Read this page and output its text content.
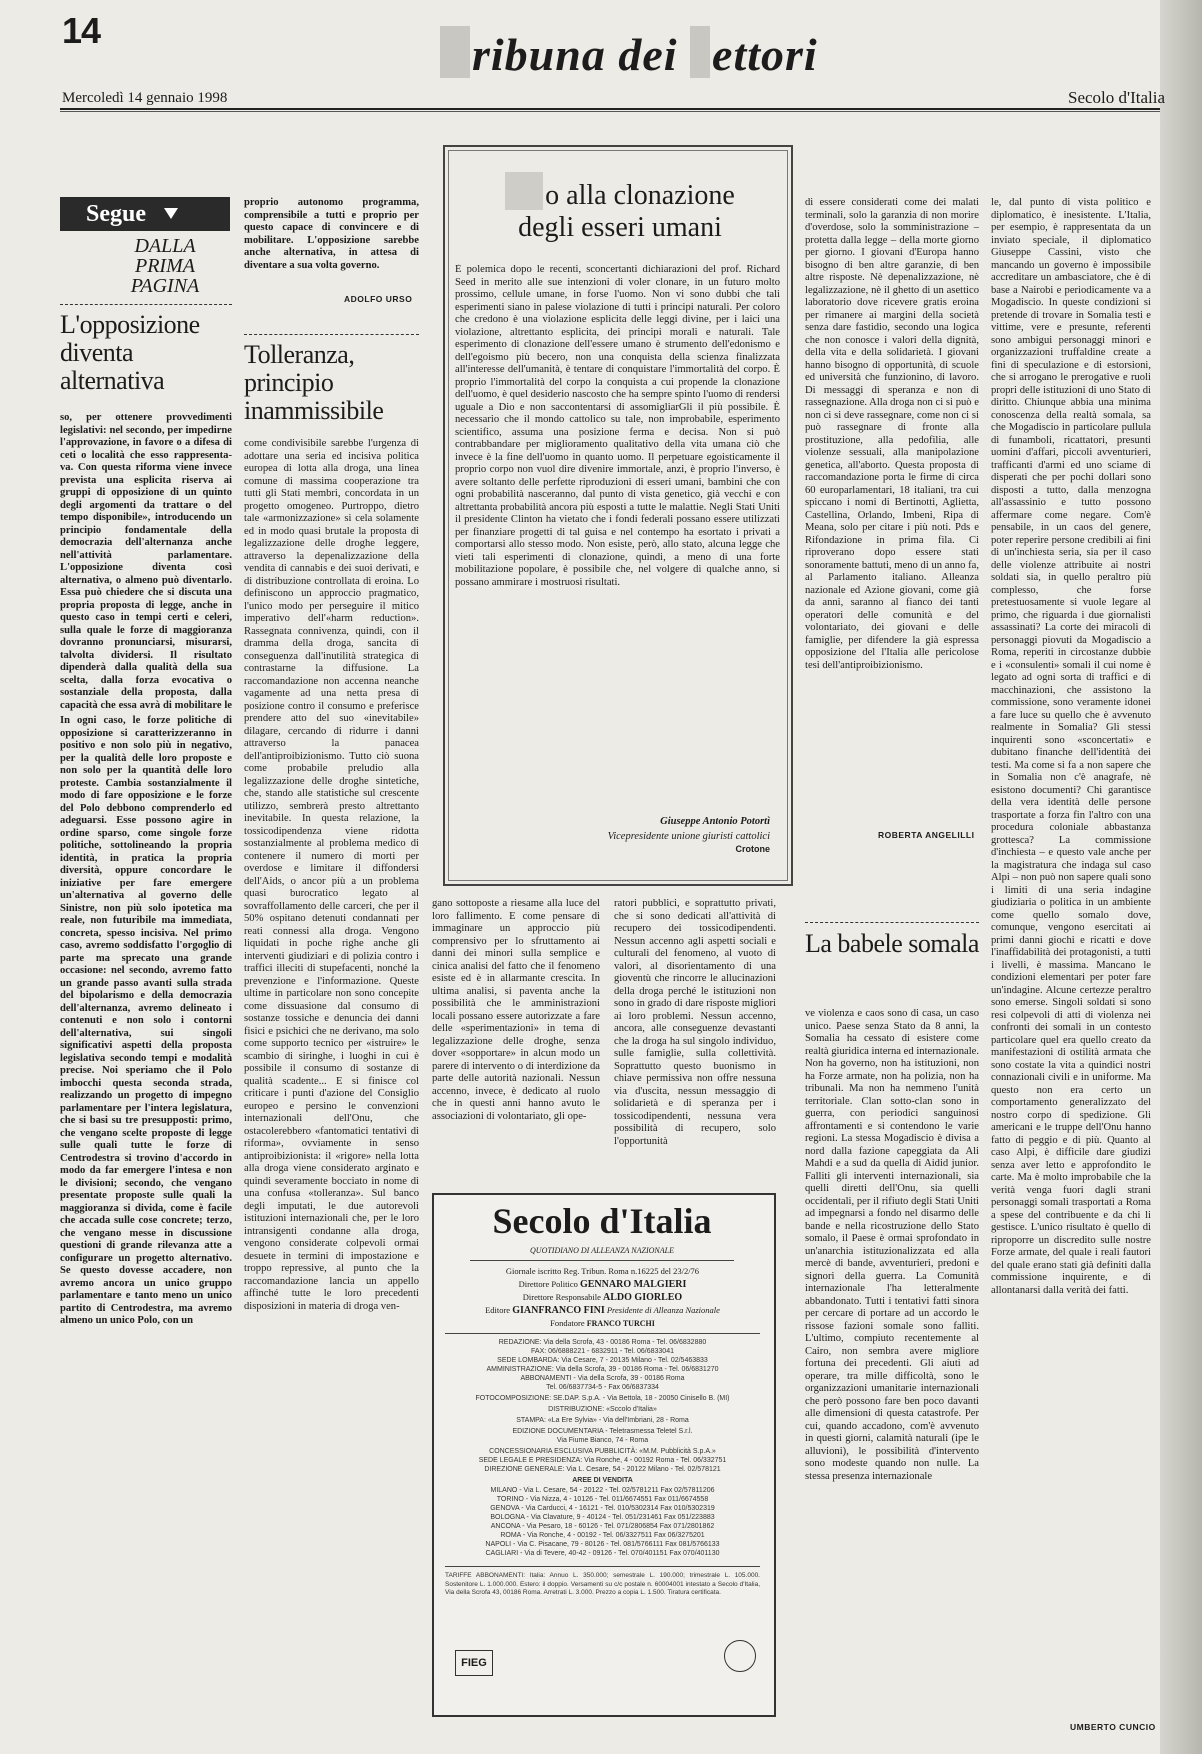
14	ribuna dei ettori
Mercoledì 14 gennaio 1998	Secolo d'Italia
Segue
DALLA
PRIMA
PAGINA
L'opposizione diventa alternativa
so, per ottenere provvedimenti legislativi: nel secondo, per impedirne l'approvazione, in favore o a difesa di ceti o località che esso rappresenta- va. Con questa riforma viene invece prevista una esplicita riserva ai gruppi di opposizione di un quinto degli argomenti da trattare o del tempo disponibile», introducendo un principio fondamentale della democrazia dell'alternanza anche nell'attività parlamentare. L'opposizione diventa così alternativa, o almeno può diventarlo. Essa può chiedere che si discuta una propria proposta di legge, anche in questo caso in tempi certi e celeri, sulla quale le forze di maggioranza dovranno pronunciarsi, misurarsi, talvolta dividersi. Il risultato dipenderà dalla qualità della sua scelta, dalla forza evocativa o sostanziale della proposta, dalla capacità che essa avrà di mobilitare le
In ogni caso, le forze politiche di opposizione si caratterizzeranno in positivo e non solo più in negativo, per la qualità delle loro proposte e non solo per la quantità delle loro proteste. Cambia sostanzialmente il modo di fare opposizione e le forze del Polo debbono comprenderlo ed adeguarsi. Esse possono agire in ordine sparso, come singole forze politiche, sottolineando la propria identità, in pratica la propria diversità, oppure concordare le iniziative per fare emergere un'alternativa al governo delle Sinistre, non più solo ipotetica ma reale, non futuribile ma immediata, concreta, spesso incisiva. Nel primo caso, avremo soddisfatto l'orgoglio di parte ma sprecato una grande occasione: nel secondo, avremo fatto un grande passo avanti sulla strada del bipolarismo e della democrazia dell'alternanza, avremo delineato i contenuti e non solo i contorni dell'alternativa, sui singoli significativi aspetti della proposta legislativa secondo tempi e modalità precise. Noi speriamo che il Polo imbocchi questa seconda strada, realizzando un progetto di impegno parlamentare per l'intera legislatura, che si basi su tre presupposti: primo, che vengano scelte proposte di legge sulle quali tutte le forze di Centrodestra si trovino d'accordo in modo da far emergere l'intesa e non le divisioni; secondo, che vengano presentate proposte sulle quali la maggioranza si divida, come è facile che accada sulle cose concrete; terzo, che vengano messe in discussione questioni di grande rilevanza atte a configurare un progetto alternativo. Se questo dovesse accadere, non avremo ancora un unico gruppo parlamentare e tanto meno un unico partito di Centrodestra, ma avremo almeno un unico Polo, con un
proprio autonomo programma, comprensibile a tutti e proprio per questo capace di convincere e di mobilitare. L'opposizione sarebbe anche alternativa, in attesa di diventare a sua volta governo.
ADOLFO URSO
Tolleranza, principio inammissibile
come condivisibile sarebbe l'urgenza di adottare una seria ed incisiva politica europea di lotta alla droga, una linea comune di massima cooperazione tra tutti gli Stati membri, concordata in un progetto omogeneo. Purtroppo, dietro tale «armonizzazione» si cela solamente ed in modo quasi brutale la proposta di legalizzazione delle droghe leggere, attraverso la depenalizzazione della vendita di cannabis e dei suoi derivati, e di distribuzione controllata di eroina. Lo definiscono un approccio pragmatico, l'unico modo per perseguire il mitico imperativo dell'«harm reduction». Rassegnata connivenza, quindi, con il dramma della droga, sancita di conseguenza dall'inutilità strategica di contrastarne la diffusione. La raccomandazione non accenna neanche vagamente ad una netta presa di posizione contro il consumo e preferisce prendere atto del suo «inevitabile» dilagare, cercando di ridurre i danni attraverso la panacea dell'antiproibizionismo. Tutto ciò suona come probabile preludio alla legalizzazione delle droghe sintetiche, che, stando alle statistiche sul crescente utilizzo, sembrerà presto altrettanto inevitabile. In questa relazione, la tossicodipendenza viene ridotta sostanzialmente al problema medico di contenere il numero di morti per overdose e limitare il diffondersi dell'Aids, o ancor più a un problema quasi burocratico legato al sovraffollamento delle carceri, che per il 50% ospitano detenuti condannati per reati connessi alla droga. Vengono liquidati in poche righe anche gli interventi giudiziari e di polizia contro i traffici illeciti di stupefacenti, nonché la prevenzione e l'informazione. Queste ultime in particolare non sono concepite come dissuasione dal consumo di sostanze tossiche e denuncia dei danni fisici e psichici che ne derivano, ma solo come supporto tecnico per «istruire» le scambio di siringhe, i luoghi in cui è possibile il consumo di sostanze di qualità scadente... E si finisce col criticare i punti d'azione del Consiglio europeo e persino le convenzioni internazionali dell'Onu, che ostacolerebbero «fantomatici tentativi di riforma», ovviamente in senso antiproibizionista: il «rigore» nella lotta alla droga viene considerato arginato e quindi severamente bocciato in nome di una confusa «tolleranza». Sul banco degli imputati, le due autorevoli istituzioni internazionali che, per le loro intransigenti condanne alla droga, vengono considerate colpevoli ormai desuete in termini di impostazione e troppo repressive, al punto che la raccomandazione lancia un appello affinché tutte le loro precedenti disposizioni in materia di droga ven-
o alla clonazione
degli esseri umani
È polemica dopo le recenti, sconcertanti dichiarazioni del prof. Richard Seed in merito alle sue intenzioni di voler clonare, in un futuro molto prossimo, cellule umane, in forse l'uomo. Non vi sono dubbi che tali esperimenti siano in palese violazione di tutti i principi naturali. Per coloro che credono è una violazione esplicita delle leggi divine, per i laici una violazione, altrettanto esplicita, dei principi morali e naturali. Tale esperimento di clonazione dell'essere umano è strumento dell'edonismo e dell'egoismo più becero, non una conquista della scienza finalizzata all'interesse dell'umanità, è tentare di conquistare l'immortalità del corpo. È proprio l'immortalità del corpo la conquista a cui propende la clonazione dell'uomo, è quel desiderio nascosto che ha sempre spinto l'uomo di rendersi uguale a Dio e non saccontentarsi di assomigliarGli il più possibile. È necessario che il mondo cattolico su tale, non improbabile, esperimento scientifico, assuma una posizione ferma e decisa. Non si può contrabbandare per miglioramento qualitativo della vita umana ciò che invece è la fine dell'uomo in quanto uomo. Il perpetuare egoisticamente il proprio corpo non vuol dire divenire immortale, anzi, è proprio l'inverso, è avere soltanto delle perfette riproduzioni di esseri umani, bambini che con ogni probabilità nasceranno, dal punto di vista genetico, già vecchi e con altrettanta probabilità ancora più esposti a tutte le malattie. Negli Stati Uniti il presidente Clinton ha vietato che i fondi federali possano essere utilizzati per finanziare progetti di tal guisa e nel contempo ha esortato i privati a comportarsi allo stesso modo. Non esiste, però, allo stato, alcuna legge che vieti tali esperimenti di clonazione, quindi, a meno di una forte mobilitazione popolare, è possibile che, nel volgere di qualche anno, si possano ammirare i mostruosi risultati.
Giuseppe Antonio Potortì
Vicepresidente unione giuristi cattolici
Crotone
gano sottoposte a riesame alla luce del loro fallimento. E come pensare di immaginare un approccio più comprensivo per lo sfruttamento ai danni dei minori sulla semplice e cinica analisi del fatto che il fenomeno esiste ed è in allarmante crescita. In ultima analisi, si paventa anche la possibilità che le amministrazioni locali possano essere autorizzate a fare delle «sperimentazioni» in tema di legalizzazione delle droghe, senza dover «sopportare» in alcun modo un parere di intervento o di interdizione da parte delle autorità nazionali. Nessun accenno, invece, è dedicato al ruolo che in questi anni hanno avuto le associazioni di volontariato, gli ope-
ratori pubblici, e soprattutto privati, che si sono dedicati all'attività di recupero dei tossicodipendenti. Nessun accenno agli aspetti sociali e culturali del fenomeno, al vuoto di valori, al disorientamento di una gioventù che rincorre le allucinazioni della droga perché le istituzioni non sono in grado di dare risposte migliori ai loro problemi. Nessun accenno, ancora, alle conseguenze devastanti che la droga ha sul singolo individuo, sulle famiglie, sulla collettività. Soprattutto questo buonismo in chiave permissiva non offre nessuna via d'uscita, nessun messaggio di solidarietà e di speranza per i tossicodipendenti, nessuna vera possibilità di recupero, solo l'opportunità
Secolo d'Italia
QUOTIDIANO DI ALLEANZA NAZIONALE
Giornale iscritto Reg. Tribun. Roma n.16225 del 23/2/76
Direttore Politico GENNARO MALGIERI
Direttore Responsabile ALDO GIORLEO
Editore GIANFRANCO FINI Presidente di Alleanza Nazionale
Fondatore FRANCO TURCHI
REDAZIONE: Via della Scrofa, 43 - 00186 Roma - Tel. 06/6832880
FAX: 06/6888221 - 6832911 - Tel. 06/6833041
SEDE LOMBARDA: Via Cesare, 7 - 20135 Milano - Tel. 02/5463833
AMMINISTRAZIONE: Via della Scrofa, 39 - 00186 Roma - Tel. 06/6831270
ABBONAMENTI - Via della Scrofa, 39 - 00186 Roma
Tel. 06/6837734-5 - Fax 06/6837334
FOTOCOMPOSIZIONE: SE.DAP. S.p.A. - Via Bettola, 18 - 20050 Cinisello B. (MI)
DISTRIBUZIONE: «Sccolo d'Italia»
STAMPA: «La Ere Sylvia» - Via dell'Imbriani, 28 - Roma
EDIZIONE DOCUMENTARIA - Teletrasmessa Teletel S.r.l.
Via Fiume Bianco, 74 - Roma
CONCESSIONARIA ESCLUSIVA PUBBLICITÀ: «M.M. Pubblicità S.p.A.»
SEDE LEGALE E PRESIDENZA: Via Ronche, 4 - 00192 Roma - Tel. 06/332751
DIREZIONE GENERALE: Via L. Cesare, 54 - 20122 Milano - Tel. 02/578121
AREE DI VENDITA
MILANO - Via L. Cesare, 54 - 20122 - Tel. 02/5781211 Fax 02/57811206
TORINO - Via Nizza, 4 - 10126 - Tel. 011/6674551 Fax 011/6674558
GENOVA - Via Carducci, 4 - 16121 - Tel. 010/5302314 Fax 010/5302319
BOLOGNA - Via Clavature, 9 - 40124 - Tel. 051/231461 Fax 051/223883
ANCONA - Via Pesaro, 18 - 60126 - Tel. 071/2806854 Fax 071/2801862
ROMA - Via Ronche, 4 - 00192 - Tel. 06/3327511 Fax 06/3275201
NAPOLI - Via C. Pisacane, 79 - 80126 - Tel. 081/5766111 Fax 081/5766133
CAGLIARI - Via di Tevere, 40-42 - 09126 - Tel. 070/401151 Fax 070/401130
TARIFFE ABBONAMENTI: Italia: Annuo L. 350.000; semestrale L. 190.000; trimestrale L. 105.000. Sostenitore L. 1.000.000. Estero: il doppio. Versamenti su c/c postale n. 60004001 intestato a Secolo d'Italia, Via della Scrofa 43, 00186 Roma. Arretrati L. 3.000. Prezzo a copia L. 1.500. Tiratura certificata.
FIEG
di essere considerati come dei malati terminali, solo la garanzia di non morire d'overdose, solo la somministrazione – protetta dalla legge – della morte giorno per giorno. I giovani d'Europa hanno bisogno di ben altre garanzie, di ben altre risposte. Nè depenalizzazione, nè legalizzazione, nè il ghetto di un asettico laboratorio dove ricevere gratis eroina per rimanere ai margini della società senza dare fastidio, secondo una logica che non conosce i valori della dignità, della vita e della solidarietà. I giovani hanno bisogno di opportunità, di scuole ed università che funzionino, di lavoro. Di messaggi di speranza e non di rassegnazione. Alla droga non ci si può e non ci si deve rassegnare, come non ci si può rassegnare di fronte alla prostituzione, alla pedofilia, alle violenze sessuali, alla manipolazione genetica, all'aborto. Questa proposta di raccomandazione porta le firme di circa 60 europarlamentari, 18 italiani, tra cui spiccano i nomi di Bertinotti, Aglietta, Castellina, Orlando, Imbeni, Ripa di Meana, solo per citare i più noti. Pds e Rifondazione in prima fila. Ci riproverano dopo essere stati sonoramente battuti, meno di un anno fa, al Parlamento italiano. Alleanza nazionale ed Azione giovani, come già da anni, saranno al fianco dei tanti operatori delle comunità e del volontariato, dei giovani e delle famiglie, per difendere la già espressa opposizione del l'Italia alle pericolose tesi dell'antiproibizionismo.
ROBERTA ANGELILLI
La babele somala
ve violenza e caos sono di casa, un caso unico. Paese senza Stato da 8 anni, la Somalia ha cessato di esistere come realtà giuridica interna ed internazionale. Non ha governo, non ha istituzioni, non ha Forze armate, non ha polizia, non ha tribunali. Ma non ha nemmeno l'unità territoriale. Clan sotto-clan sono in guerra, con periodici sanguinosi affrontamenti e si contendono le varie regioni. La stessa Mogadiscio è divisa a nord dalla fazione capeggiata da Ali Mahdi e a sud da quella di Aidid junior. Falliti gli interventi internazionali, sia quelli diretti dell'Onu, sia quelli occidentali, per il rifiuto degli Stati Uniti ad impegnarsi a fondo nel disarmo delle bande e nella ricostruzione dello Stato somalo, il Paese è ormai sprofondato in un'anarchia istituzionalizzata ed alla mercè di bande, avventurieri, predoni e signori della guerra. La Comunità internazionale l'ha letteralmente abbandonato. Tutti i tentativi fatti sinora per cercare di portare ad un accordo le rissose fazioni somale sono falliti. L'ultimo, compiuto recentemente al Cairo, non sembra avere migliore fortuna dei precedenti. Gli aiuti ad operare, tra mille difficoltà, sono le organizzazioni umanitarie internazionali che però possono fare ben poco davanti alle dimensioni di questa catastrofe. Per cui, quando accadono, com'è avvenuto in questi giorni, calamità naturali (ipe le alluvioni), le possibilità d'intervento sono modeste quando non nulle. La stessa presenza internazionale
le, dal punto di vista politico e diplomatico, è inesistente. L'Italia, per esempio, è rappresentata da un inviato speciale, il diplomatico Giuseppe Cassini, visto che mancando un governo è impossibile accreditare un ambasciatore, che è di base a Nairobi e periodicamente va a Mogadiscio. In queste condizioni si pretende di trovare in Somalia testi e vittime, vere e presunte, referenti sono ambigui personaggi minori e organizzazioni truffaldine create a fini di speculazione e di estorsioni, che si arrogano le prerogative e ruoli propri delle istituzioni di uno Stato di diritto. Chiunque abbia una minima conoscenza della realtà somala, sa che Mogadiscio in particolare pullula di funamboli, ricattatori, presunti uomini d'affari, piccoli avventurieri, trafficanti d'armi ed uno sciame di disperati che per pochi dollari sono disposti a tutto, dalla menzogna all'assassinio e tutto possono affermare come negare. Com'è pensabile, in un caos del genere, poter reperire persone credibili ai fini di un'inchiesta seria, sia per il caso delle violenze attribuite ai nostri soldati sia, in quello peraltro più complesso, che forse pretestuosamente si vuole legare al primo, che riguarda i due giornalisti assassinati? La corte dei miracoli di personaggi piovuti da Mogadiscio a Roma, reperiti in circostanze dubbie e i «consulenti» somali il cui nome è legato ad ogni sorta di traffici e di macchinazioni, che assistono la commissione, sono veramente idonei a fare luce su quello che è avvenuto realmente in Somalia? Gli stessi inquirenti sono «sconcertati» e dubitano finanche dell'identità dei testi. Ma come si fa a non sapere che in Somalia non c'è anagrafe, nè esistono documenti? Chi garantisce della vera identità delle persone trasportate a forza fin l'altro con una procedura coloniale abbastanza grottesca? La commissione d'inchiesta – e questo vale anche per la magistratura che indaga sul caso Alpi – non può non sapere quali sono i limiti di una seria indagine giudiziaria o politica in un ambiente come quello somalo dove, comunque, vengono esercitati ai primi danni giochi e ricatti e dove l'inaffidabilità dei protagonisti, a tutti i livelli, è massima. Mancano le condizioni elementari per poter fare un'indagine. Alcune certezze peraltro sono emerse. Singoli soldati si sono resi colpevoli di atti di violenza nei confronti dei somali in un contesto particolare quel era quello creato da manifestazioni di ostilità armata che sono costate la vita a quindici nostri connazionali civili e in uniforme. Ma questo non era certo un comportamento generalizzato del nostro corpo di spedizione. Gli americani e le truppe dell'Onu hanno fatto di peggio e di più. Quanto al caso Alpi, è difficile dare giudizi senza aver letto e approfondito le carte. Ma è molto improbabile che la verità venga fuori dagli strani personaggi somali trasportati a Roma a spese del contribuente e da chi li gestisce. L'unico risultato è quello di riproporre un discredito sulle nostre Forze armate, del quale i reali fautori del quale erano stati già definiti dalla commissione inquirente, e di allontanarsi dalla verità dei fatti.
UMBERTO CUNCIO
